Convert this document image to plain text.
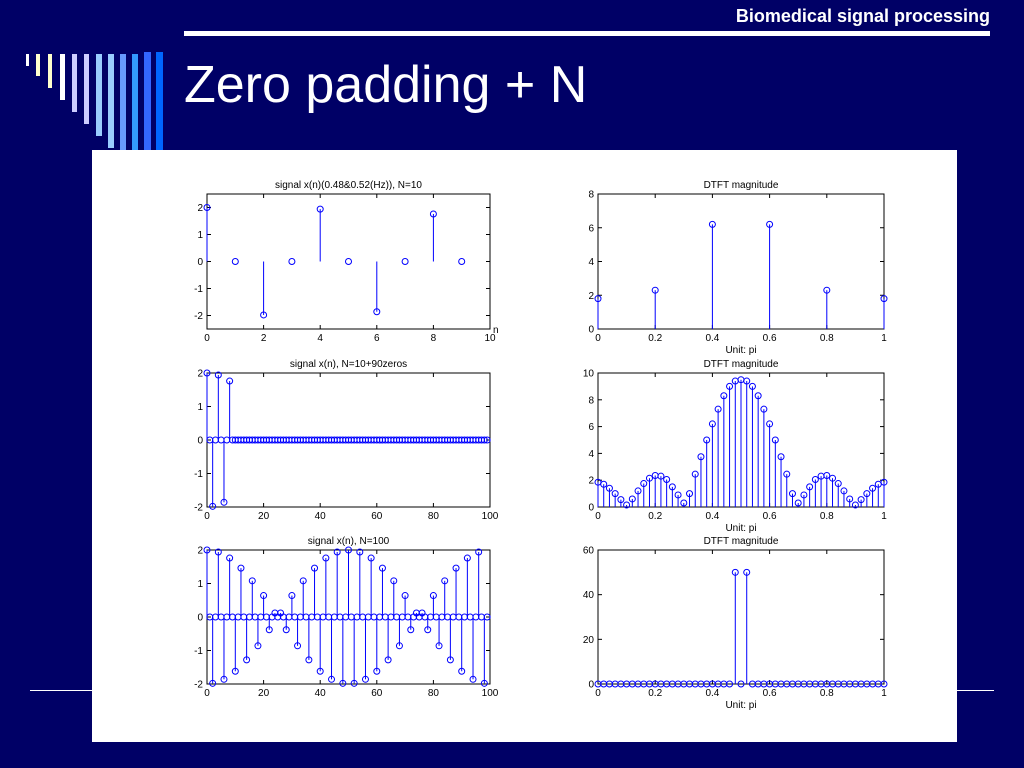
Biomedical signal processing
Zero padding + N
signal x(n)(0.48&0.52(Hz)), N=10
0	2	4	6	8	10
-2
-1
0
1
2
n
DTFT magnitude
0	0.2	0.4	0.6	0.8	1
0
2
4
6
8
Unit: pi
signal x(n), N=10+90zeros
0	20	40	60	80	100
-2
-1
0
1
2
DTFT magnitude
0	0.2	0.4	0.6	0.8	1
0
2
4
6
8
10
Unit: pi
signal x(n), N=100
0	20	40	60	80	100
-2
-1
0
1
2
DTFT magnitude
0	0.2	0.4	0.6	0.8	1
0
20
40
60
Unit: pi
